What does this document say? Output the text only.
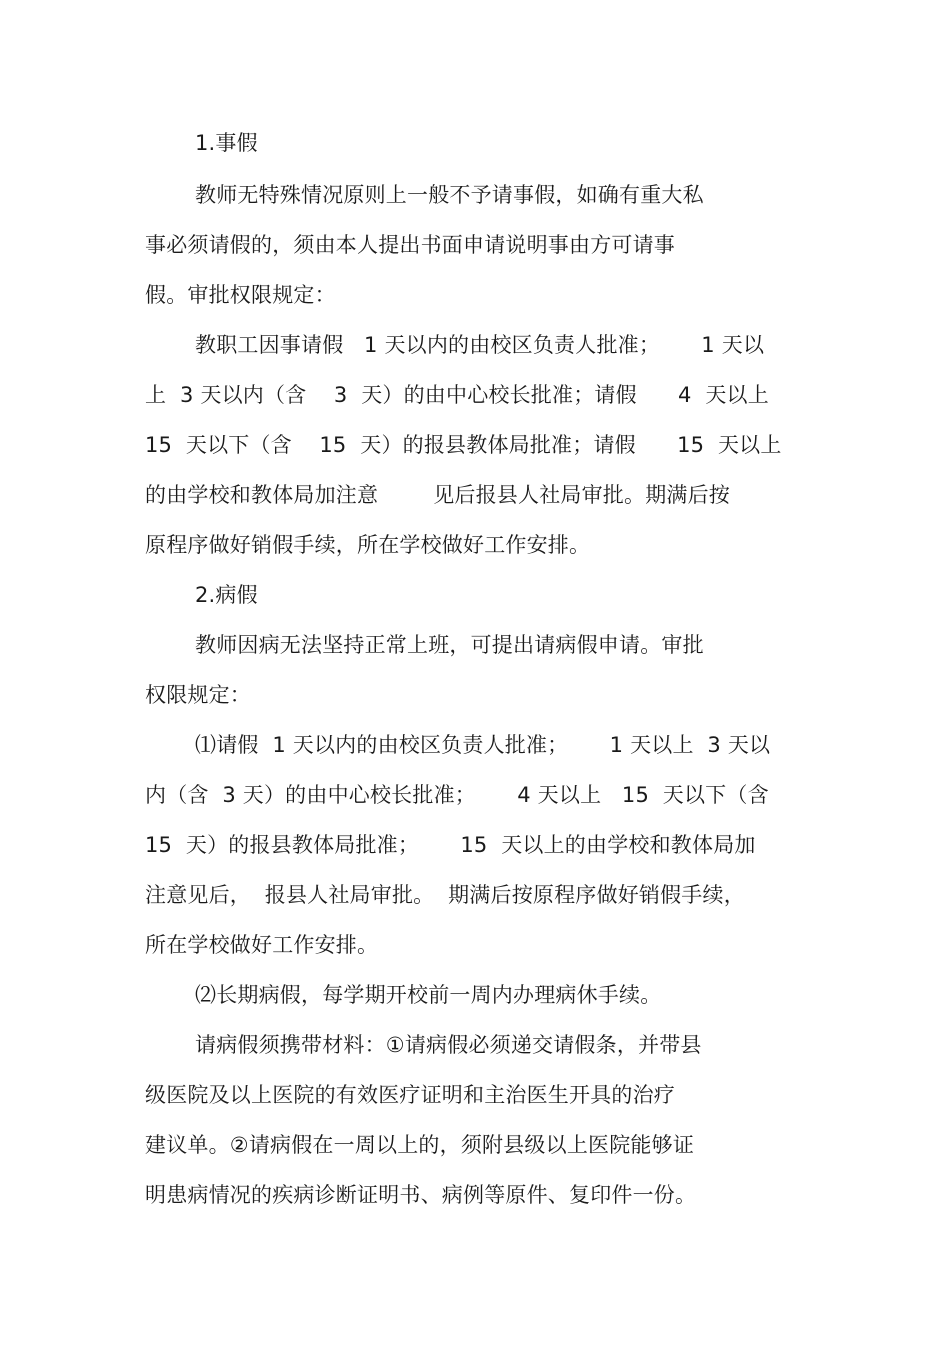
1.事假
教师无特殊情况原则上一般不予请事假，如确有重大私
事必须请假的，须由本人提出书面申请说明事由方可请事
假。审批权限规定：
教职工因事请假   1 天以内的由校区负责人批准；      1 天以
上  3 天以内（含    3  天）的由中心校长批准；请假      4  天以上
15  天以下（含    15  天）的报县教体局批准；请假      15  天以上
的由学校和教体局加注意        见后报县人社局审批。期满后按
原程序做好销假手续，所在学校做好工作安排。
2.病假
教师因病无法坚持正常上班，可提出请病假申请。审批
权限规定：
⑴请假  1 天以内的由校区负责人批准；      1 天以上  3 天以
内（含  3 天）的由中心校长批准；      4 天以上   15  天以下（含
15  天）的报县教体局批准；      15  天以上的由学校和教体局加
注意见后，  报县人社局审批。  期满后按原程序做好销假手续，
所在学校做好工作安排。
⑵长期病假，每学期开校前一周内办理病休手续。
请病假须携带材料：①请病假必须递交请假条，并带县
级医院及以上医院的有效医疗证明和主治医生开具的治疗
建议单。②请病假在一周以上的，须附县级以上医院能够证
明患病情况的疾病诊断证明书、病例等原件、复印件一份。
